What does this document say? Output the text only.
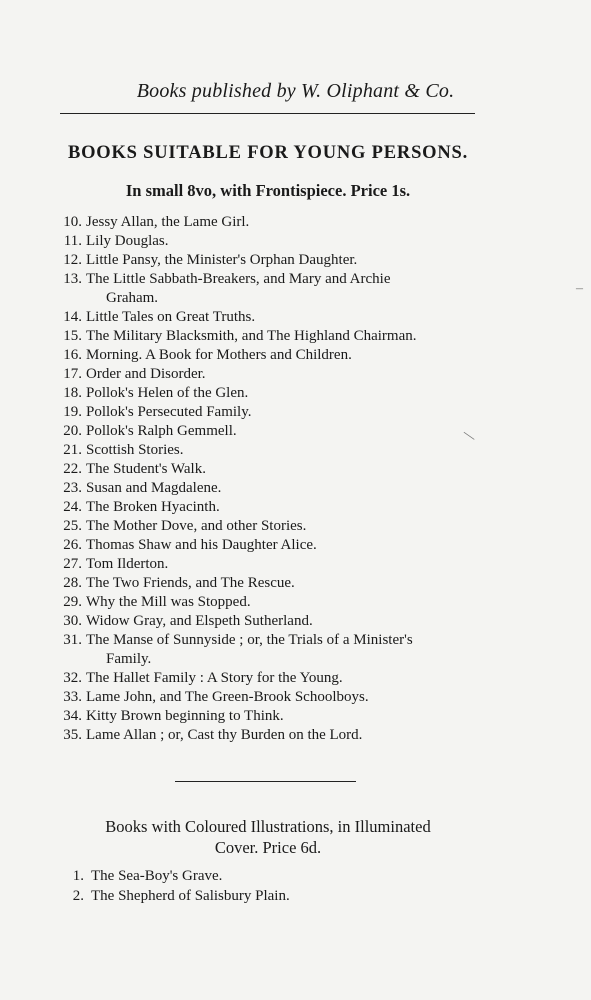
Books published by W. Oliphant & Co.
BOOKS SUITABLE FOR YOUNG PERSONS.
In small 8vo, with Frontispiece. Price 1s.
10. Jessy Allan, the Lame Girl.
11. Lily Douglas.
12. Little Pansy, the Minister's Orphan Daughter.
13. The Little Sabbath-Breakers, and Mary and Archie
Graham.
14. Little Tales on Great Truths.
15. The Military Blacksmith, and The Highland Chairman.
16. Morning. A Book for Mothers and Children.
17. Order and Disorder.
18. Pollok's Helen of the Glen.
19. Pollok's Persecuted Family.
20. Pollok's Ralph Gemmell.
21. Scottish Stories.
22. The Student's Walk.
23. Susan and Magdalene.
24. The Broken Hyacinth.
25. The Mother Dove, and other Stories.
26. Thomas Shaw and his Daughter Alice.
27. Tom Ilderton.
28. The Two Friends, and The Rescue.
29. Why the Mill was Stopped.
30. Widow Gray, and Elspeth Sutherland.
31. The Manse of Sunnyside ; or, the Trials of a Minister's
Family.
32. The Hallet Family : A Story for the Young.
33. Lame John, and The Green-Brook Schoolboys.
34. Kitty Brown beginning to Think.
35. Lame Allan ; or, Cast thy Burden on the Lord.
Books with Coloured Illustrations, in Illuminated
Cover. Price 6d.
1. The Sea-Boy's Grave.
2. The Shepherd of Salisbury Plain.
–
|
